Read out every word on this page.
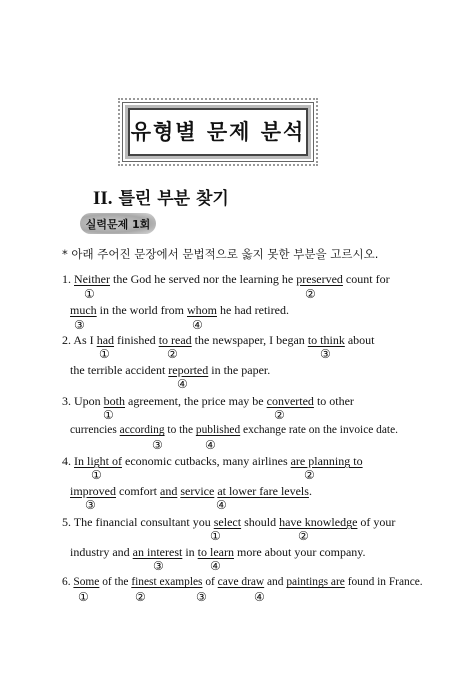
유형별 문제 분석
II. 틀린 부분 찾기
실력문제 1회
* 아래 주어진 문장에서 문법적으로 옳지 못한 부분을 고르시오.
1. Neither the God he served nor the learning he preserved count for
①	②
much in the world from whom he had retired.
③	④
2. As I had finished to read the newspaper, I began to think about
①	②	③
the terrible accident reported in the paper.
④
3. Upon both agreement, the price may be converted to other
①	②
currencies according to the published exchange rate on the invoice date.
③	④
4. In light of economic cutbacks, many airlines are planning to
①	②
improved comfort and service at lower fare levels.
③	④
5. The financial consultant you select should have knowledge of your
①	②
industry and an interest in to learn more about your company.
③	④
6. Some of the finest examples of cave draw and paintings are found in France.
①	②	③	④
